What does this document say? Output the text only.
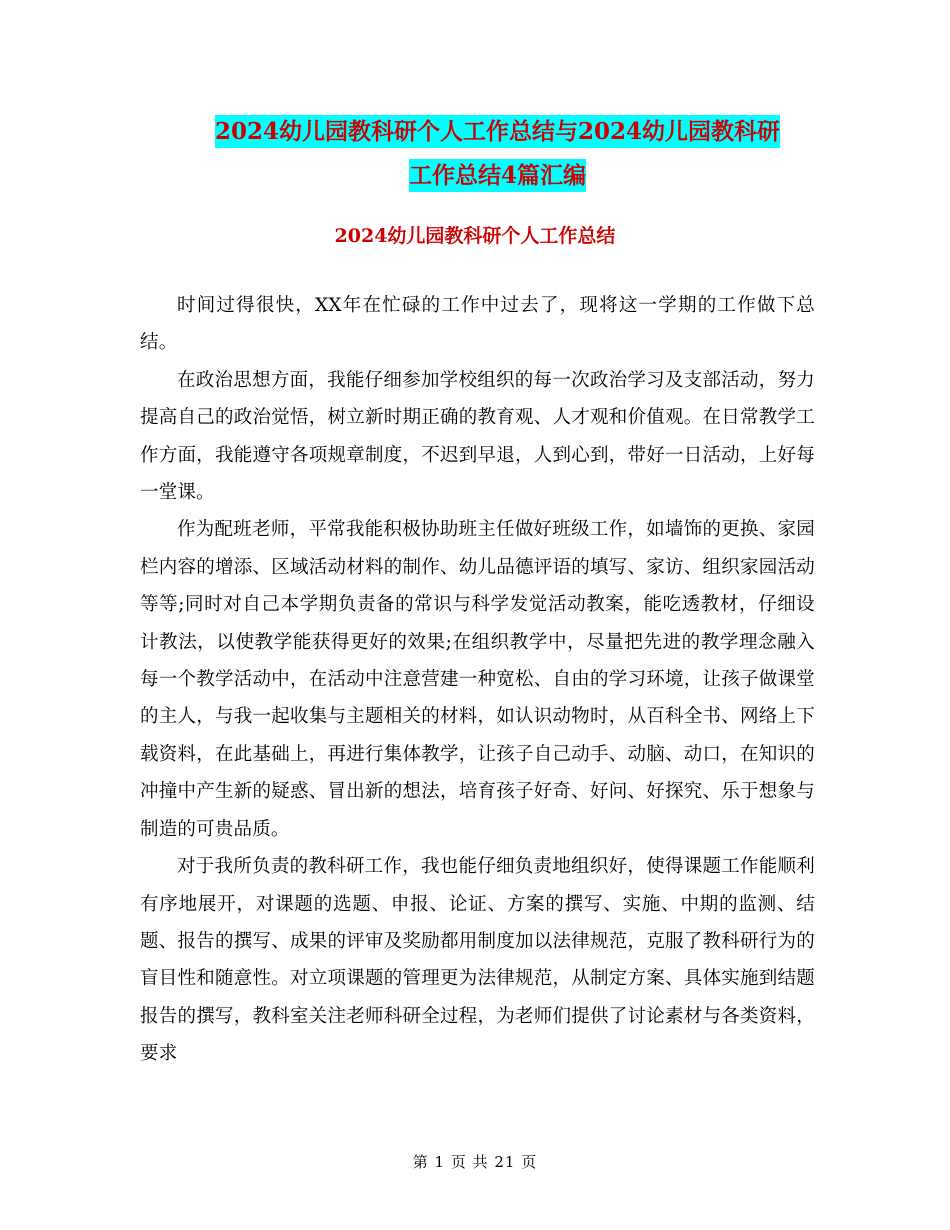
2024幼儿园教科研个人工作总结与2024幼儿园教科研
工作总结4篇汇编
2024幼儿园教科研个人工作总结

时间过得很快，XX年在忙碌的工作中过去了，现将这一学期的工作做下总结。

在政治思想方面，我能仔细参加学校组织的每一次政治学习及支部活动，努力提高自己的政治觉悟，树立新时期正确的教育观、人才观和价值观。在日常教学工作方面，我能遵守各项规章制度，不迟到早退，人到心到，带好一日活动，上好每一堂课。

作为配班老师，平常我能积极协助班主任做好班级工作，如墙饰的更换、家园栏内容的增添、区域活动材料的制作、幼儿品德评语的填写、家访、组织家园活动等等;同时对自己本学期负责备的常识与科学发觉活动教案，能吃透教材，仔细设计教法，以使教学能获得更好的效果;在组织教学中，尽量把先进的教学理念融入每一个教学活动中，在活动中注意营建一种宽松、自由的学习环境，让孩子做课堂的主人，与我一起收集与主题相关的材料，如认识动物时，从百科全书、网络上下载资料，在此基础上，再进行集体教学，让孩子自己动手、动脑、动口，在知识的冲撞中产生新的疑惑、冒出新的想法，培育孩子好奇、好问、好探究、乐于想象与制造的可贵品质。

对于我所负责的教科研工作，我也能仔细负责地组织好，使得课题工作能顺利有序地展开，对课题的选题、申报、论证、方案的撰写、实施、中期的监测、结题、报告的撰写、成果的评审及奖励都用制度加以法律规范，克服了教科研行为的盲目性和随意性。对立项课题的管理更为法律规范，从制定方案、具体实施到结题报告的撰写，教科室关注老师科研全过程，为老师们提供了讨论素材与各类资料，要求

第 1 页 共 21 页
